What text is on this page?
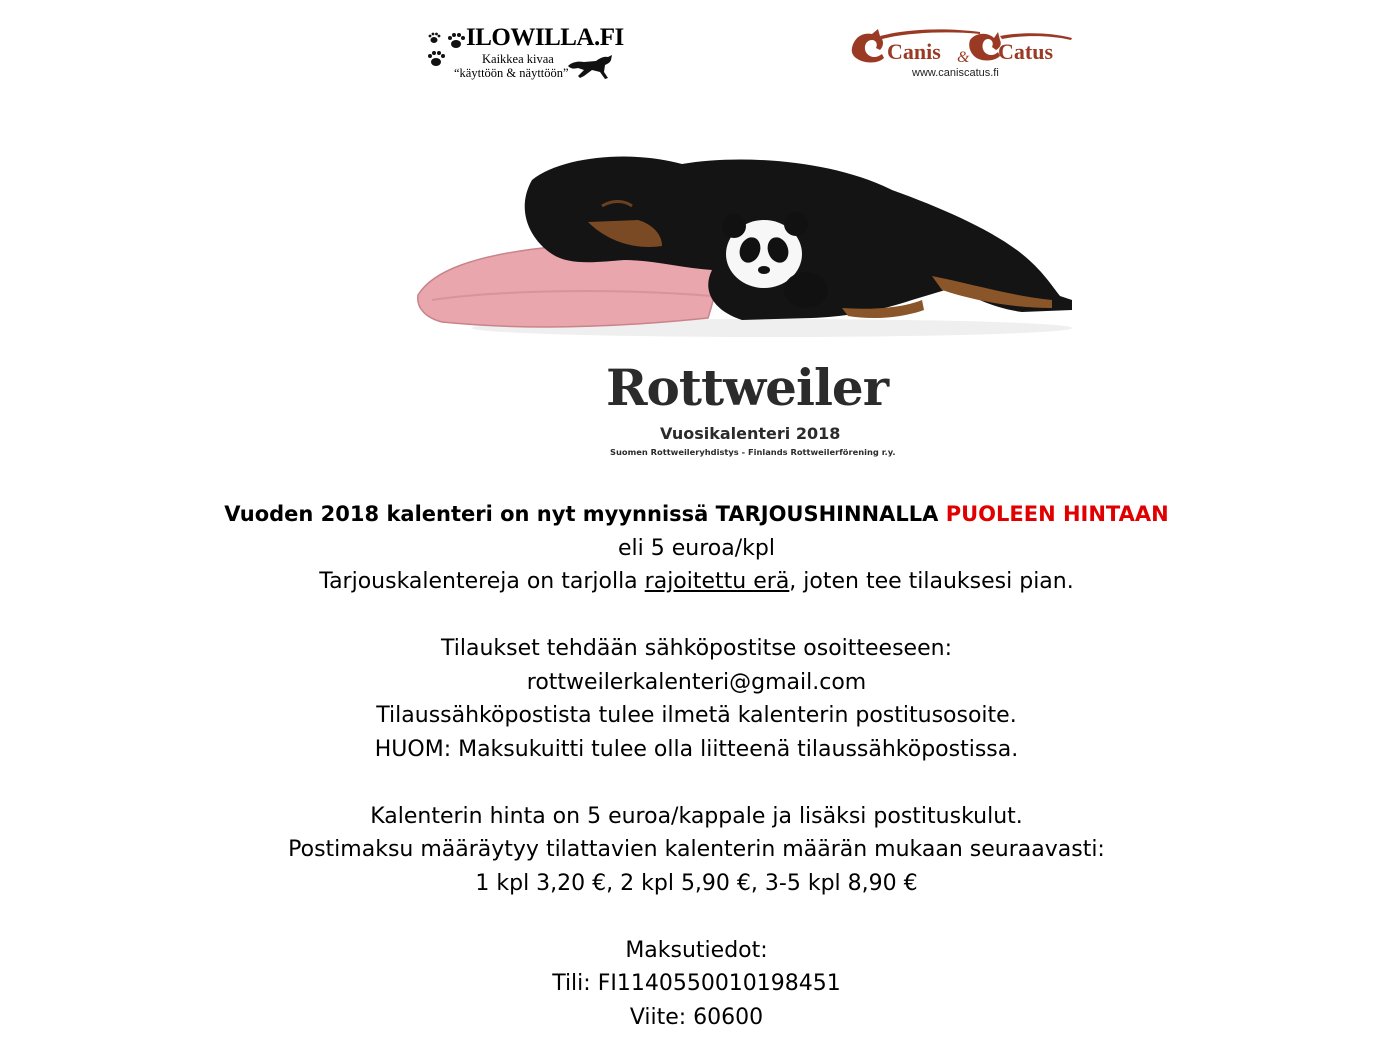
ILOWILLA.FI
Kaikkea kivaa
“käyttöön & näyttöön”
Canis & Catus
www.caniscatus.fi
Rottweiler
Vuosikalenteri 2018
Suomen Rottweileryhdistys - Finlands Rottweilerförening r.y.
Vuoden 2018 kalenteri on nyt myynnissä TARJOUSHINNALLA PUOLEEN HINTAAN
eli 5 euroa/kpl
Tarjouskalentereja on tarjolla rajoitettu erä, joten tee tilauksesi pian.
Tilaukset tehdään sähköpostitse osoitteeseen:
rottweilerkalenteri@gmail.com
Tilaussähköpostista tulee ilmetä kalenterin postitusosoite.
HUOM: Maksukuitti tulee olla liitteenä tilaussähköpostissa.
Kalenterin hinta on 5 euroa/kappale ja lisäksi postituskulut.
Postimaksu määräytyy tilattavien kalenterin määrän mukaan seuraavasti:
1 kpl 3,20 €, 2 kpl 5,90 €, 3-5 kpl 8,90 €
Maksutiedot:
Tili: FI1140550010198451
Viite: 60600
